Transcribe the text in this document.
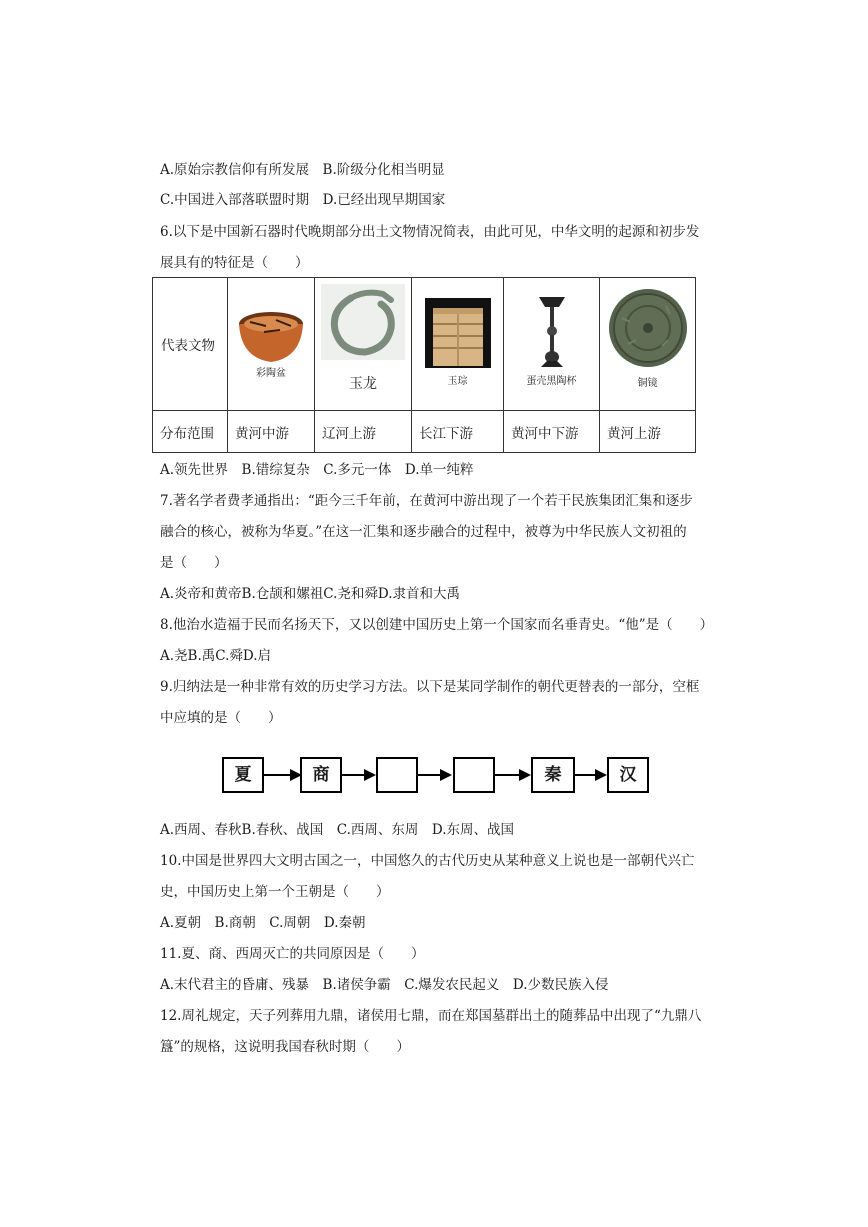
A.原始宗教信仰有所发展　B.阶级分化相当明显
C.中国进入部落联盟时期　D.已经出现早期国家
6.以下是中国新石器时代晚期部分出土文物情况简表，由此可见，中华文明的起源和初步发
展具有的特征是（　　）
代表文物	彩陶盆	玉龙	玉琮	蛋壳黑陶杯	铜镜

分布范围	黄河中游	辽河上游	长江下游	黄河中下游	黄河上游
A.领先世界　B.错综复杂　C.多元一体　D.单一纯粹
7.著名学者费孝通指出：“距今三千年前，在黄河中游出现了一个若干民族集团汇集和逐步
融合的核心，被称为华夏。”在这一汇集和逐步融合的过程中，被尊为中华民族人文初祖的
是（　　）
A.炎帝和黄帝B.仓颉和嫘祖C.尧和舜D.隶首和大禹
8.他治水造福于民而名扬天下，又以创建中国历史上第一个国家而名垂青史。“他”是（　　）
A.尧B.禹C.舜D.启
9.归纳法是一种非常有效的历史学习方法。以下是某同学制作的朝代更替表的一部分，空框
中应填的是（　　）
夏	商	秦	汉
A.西周、春秋B.春秋、战国　C.西周、东周　D.东周、战国
10.中国是世界四大文明古国之一，中国悠久的古代历史从某种意义上说也是一部朝代兴亡
史，中国历史上第一个王朝是（　　）
A.夏朝　B.商朝　C.周朝　D.秦朝
11.夏、商、西周灭亡的共同原因是（　　）
A.末代君主的昏庸、残暴　B.诸侯争霸　C.爆发农民起义　D.少数民族入侵
12.周礼规定，天子列葬用九鼎，诸侯用七鼎，而在郑国墓群出土的随葬品中出现了“九鼎八
簋”的规格，这说明我国春秋时期（　　）
